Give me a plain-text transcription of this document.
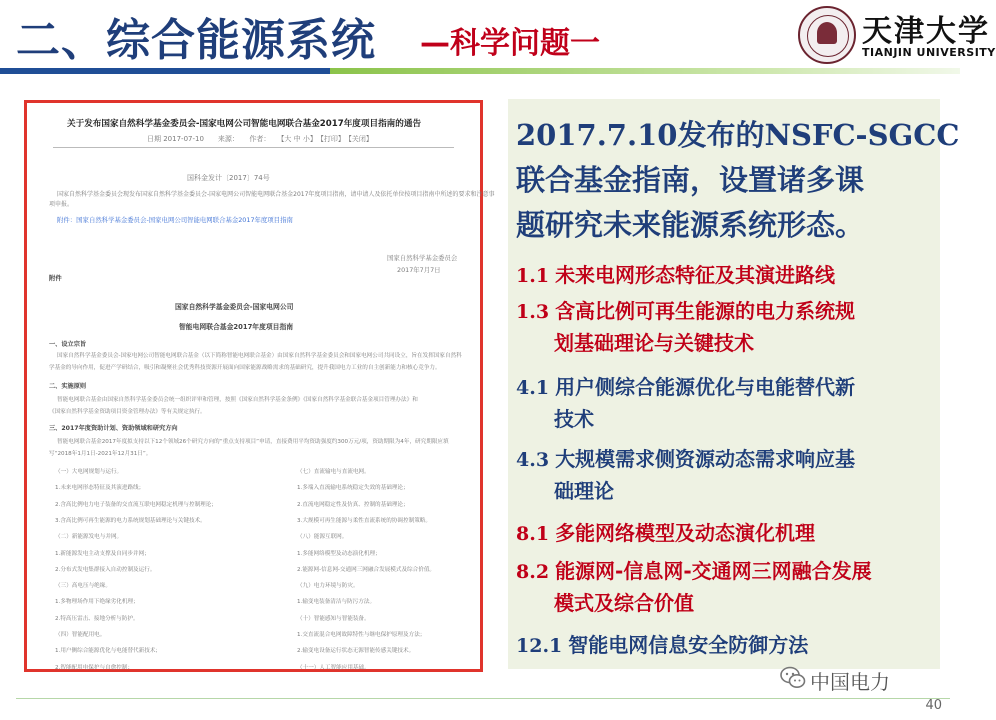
二、综合能源系统 —科学问题一	天津大学
TIANJIN UNIVERSITY
关于发布国家自然科学基金委员会-国家电网公司智能电网联合基金2017年度项目指南的通告
日期 2017-07-10　　来源：　　作者：　　【大 中 小】　【打印】　【关闭】
国科金发计〔2017〕74号
国家自然科学基金委员会现发布国家自然科学基金委员会-国家电网公司智能电网联合基金2017年度项目指南，请申请人及依托单位按项目指南中所述的要求和注意事
项申报。
附件：国家自然科学基金委员会-国家电网公司智能电网联合基金2017年度项目指南
国家自然科学基金委员会
2017年7月7日
附件
国家自然科学基金委员会-国家电网公司
智能电网联合基金2017年度项目指南
一、设立宗旨
国家自然科学基金委员会-国家电网公司智能电网联合基金（以下简称智能电网联合基金）由国家自然科学基金委员会和国家电网公司共同设立，旨在发挥国家自然科
学基金的导向作用，促进产学研结合，吸引和凝聚社会优秀科技资源开展面向国家能源战略需求的基础研究，提升我国电力工业的自主创新能力和核心竞争力。
二、实施原则
智能电网联合基金由国家自然科学基金委员会统一组织评审和管理，按照《国家自然科学基金条例》《国家自然科学基金联合基金项目管理办法》和
《国家自然科学基金资助项目资金管理办法》等有关规定执行。
三、2017年度资助计划、资助领域和研究方向
智能电网联合基金2017年度拟支持以下12个领域26个研究方向的“重点支持项目”申请，直接费用平均资助强度约300万元/项，资助期限为4年，研究期限应填
写“2018年1月1日-2021年12月31日”。
（一）大电网规划与运行。
1.未来电网形态特征及其演进路线；
2.含高比例电力电子装备的交直流互联电网稳定机理与控制理论；
3.含高比例可再生能源的电力系统规划基础理论与关键技术。
（二）新能源发电与并网。
1.新能源发电主动支撑及自同步并网；
2.分布式发电集群接入自动控制及运行。
（三）高电压与绝缘。
1.多物理场作用下绝缘劣化机理；
2.特高压雷击、接地分析与防护。
（四）智能配用电。
1.用户侧综合能源优化与电能替代新技术；
2.智能配用电保护与自愈控制；
（七）直流输电与直流电网。
1.多端入直流输电系统稳定失效的基础理论；
2.直流电网稳定性及仿真、控制的基础理论；
3.大规模可再生能源与柔性直流系统的协调控制策略。
（八）能源互联网。
1.多能网络模型及动态演化机理；
2.能源网-信息网-交通网三网融合发展模式及综合价值。
（九）电力环境与防灾。
1.输变电装备清洁与防污方法。
（十）智能感知与智能装备。
1.交直流混合电网故障特性与继电保护原理及方法；
2.输变电设备运行状态无源智能传感关键技术。
（十一）人工智能应用基础。
2017.7.10发布的NSFC-SGCC
联合基金指南，设置诸多课
题研究未来能源系统形态。
1.1 未来电网形态特征及其演进路线
1.3 含高比例可再生能源的电力系统规
划基础理论与关键技术
4.1 用户侧综合能源优化与电能替代新
技术
4.3 大规模需求侧资源动态需求响应基
础理论
8.1 多能网络模型及动态演化机理
8.2 能源网-信息网-交通网三网融合发展
模式及综合价值
12.1 智能电网信息安全防御方法
中国电力
40
